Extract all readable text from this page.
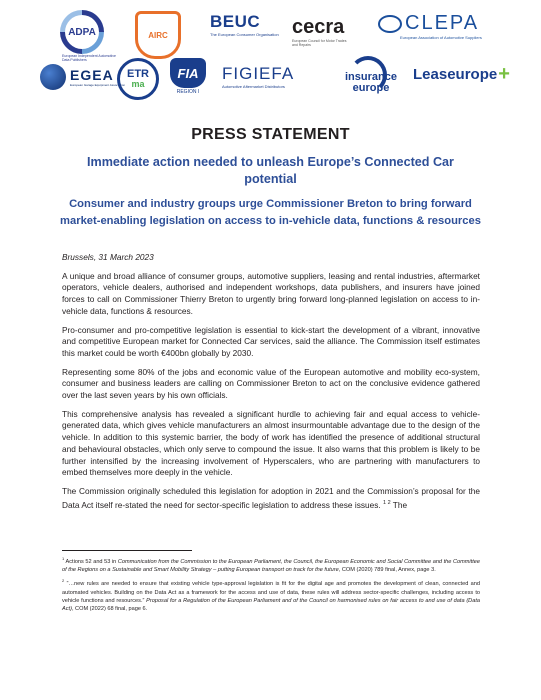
ADPA
European Independent Automotive Data Publishers
AIRC
BEUC
The European Consumer Organisation cecra
European Council for Motor Trades and Repairs
CLEPA
European Association of Automotive Suppliers
EGEA
European Garage Equipment Association
ETR
ma
FIA
REGION I
FIGIEFA
Automotive Aftermarket Distributors
insurance
europe
Leaseurope +
PRESS STATEMENT
Immediate action needed to unleash Europe’s Connected Car potential
Consumer and industry groups urge Commissioner Breton to bring forward market-enabling legislation on access to in-vehicle data, functions & resources
Brussels, 31 March 2023

A unique and broad alliance of consumer groups, automotive suppliers, leasing and rental industries, aftermarket operators, vehicle dealers, authorised and independent workshops, data publishers, and insurers have joined forces to call on Commissioner Thierry Breton to urgently bring forward long-planned legislation on access to in-vehicle data, functions & resources.

Pro-consumer and pro-competitive legislation is essential to kick-start the development of a vibrant, innovative and competitive European market for Connected Car services, said the alliance. The Commission itself estimates this market could be worth €400bn globally by 2030.

Representing some 80% of the jobs and economic value of the European automotive and mobility eco-system, consumer and business leaders are calling on Commissioner Breton to act on the conclusive evidence gathered over the last seven years by his own officials.

This comprehensive analysis has revealed a significant hurdle to achieving fair and equal access to vehicle-generated data, which gives vehicle manufacturers an almost insurmountable advantage due to the design of the vehicle. In addition to this systemic barrier, the body of work has identified the presence of additional structural and behavioural obstacles, which only serve to compound the issue. It also warns that this problem is likely to be further intensified by the increasing involvement of Hyperscalers, who are partnering with manufacturers to embed themselves more deeply in the vehicle.

The Commission originally scheduled this legislation for adoption in 2021 and the Commission’s proposal for the Data Act itself re-stated the need for sector-specific legislation to address these issues. $^{1 2}$ The

$^1$ Actions 52 and 53 in Communication from the Commission to the European Parliament, the Council, the European Economic and Social Committee and the Committee of the Regions on a Sustainable and Smart Mobility Strategy – putting European transport on track for the future, COM (2020) 789 final, Annex, page 3.

$^2$ “…new rules are needed to ensure that existing vehicle type-approval legislation is fit for the digital age and promotes the development of clean, connected and automated vehicles. Building on the Data Act as a framework for the access and use of data, these rules will address sector-specific challenges, including access to vehicle functions and resources.” Proposal for a Regulation of the European Parliament and of the Council on harmonised rules on fair access to and use of data (Data Act), COM (2022) 68 final, page 6.
